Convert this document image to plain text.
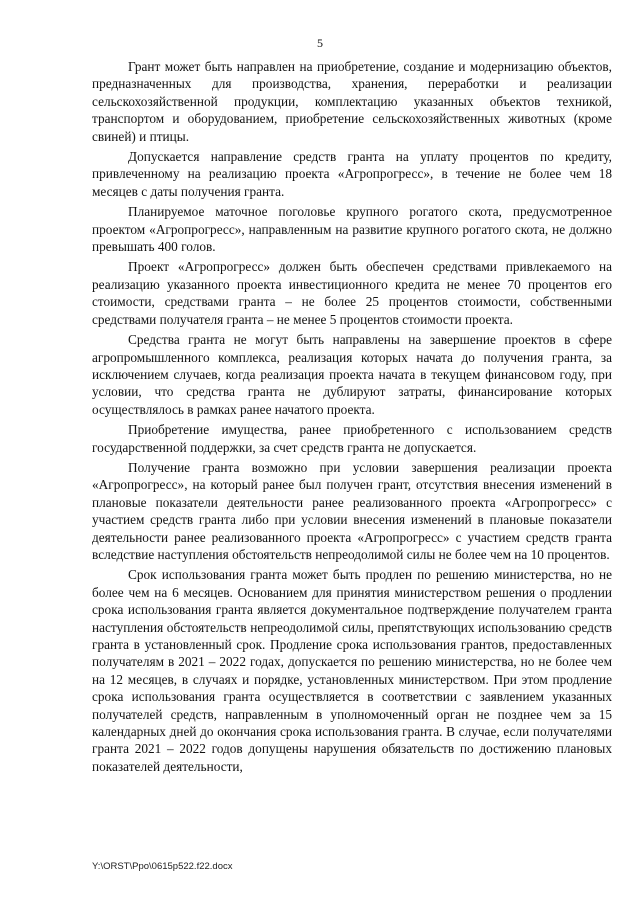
5

Грант может быть направлен на приобретение, создание и модернизацию объектов, предназначенных для производства, хранения, переработки и реализации сельскохозяйственной продукции, комплектацию указанных объектов техникой, транспортом и оборудованием, приобретение сельскохозяйственных животных (кроме свиней) и птицы.

Допускается направление средств гранта на уплату процентов по кредиту, привлеченному на реализацию проекта «Агропрогресс», в течение не более чем 18 месяцев с даты получения гранта.

Планируемое маточное поголовье крупного рогатого скота, предусмотренное проектом «Агропрогресс», направленным на развитие крупного рогатого скота, не должно превышать 400 голов.

Проект «Агропрогресс» должен быть обеспечен средствами привлекаемого на реализацию указанного проекта инвестиционного кредита не менее 70 процентов его стоимости, средствами гранта – не более 25 процентов стоимости, собственными средствами получателя гранта – не менее 5 процентов стоимости проекта.

Средства гранта не могут быть направлены на завершение проектов в сфере агропромышленного комплекса, реализация которых начата до получения гранта, за исключением случаев, когда реализация проекта начата в текущем финансовом году, при условии, что средства гранта не дублируют затраты, финансирование которых осуществлялось в рамках ранее начатого проекта.

Приобретение имущества, ранее приобретенного с использованием средств государственной поддержки, за счет средств гранта не допускается.

Получение гранта возможно при условии завершения реализации проекта «Агропрогресс», на который ранее был получен грант, отсутствия внесения изменений в плановые показатели деятельности ранее реализованного проекта «Агропрогресс» с участием средств гранта либо при условии внесения изменений в плановые показатели деятельности ранее реализованного проекта «Агропрогресс» с участием средств гранта вследствие наступления обстоятельств непреодолимой силы не более чем на 10 процентов.

Срок использования гранта может быть продлен по решению министерства, но не более чем на 6 месяцев. Основанием для принятия министерством решения о продлении срока использования гранта является документальное подтверждение получателем гранта наступления обстоятельств непреодолимой силы, препятствующих использованию средств гранта в установленный срок. Продление срока использования грантов, предоставленных получателям в 2021 – 2022 годах, допускается по решению министерства, но не более чем на 12 месяцев, в случаях и порядке, установленных министерством. При этом продление срока использования гранта осуществляется в соответствии с заявлением указанных получателей средств, направленным в уполномоченный орган не позднее чем за 15 календарных дней до окончания срока использования гранта. В случае, если получателями гранта 2021 – 2022 годов допущены нарушения обязательств по достижению плановых показателей деятельности,

Y:\ORST\Ppo\0615p522.f22.docx
